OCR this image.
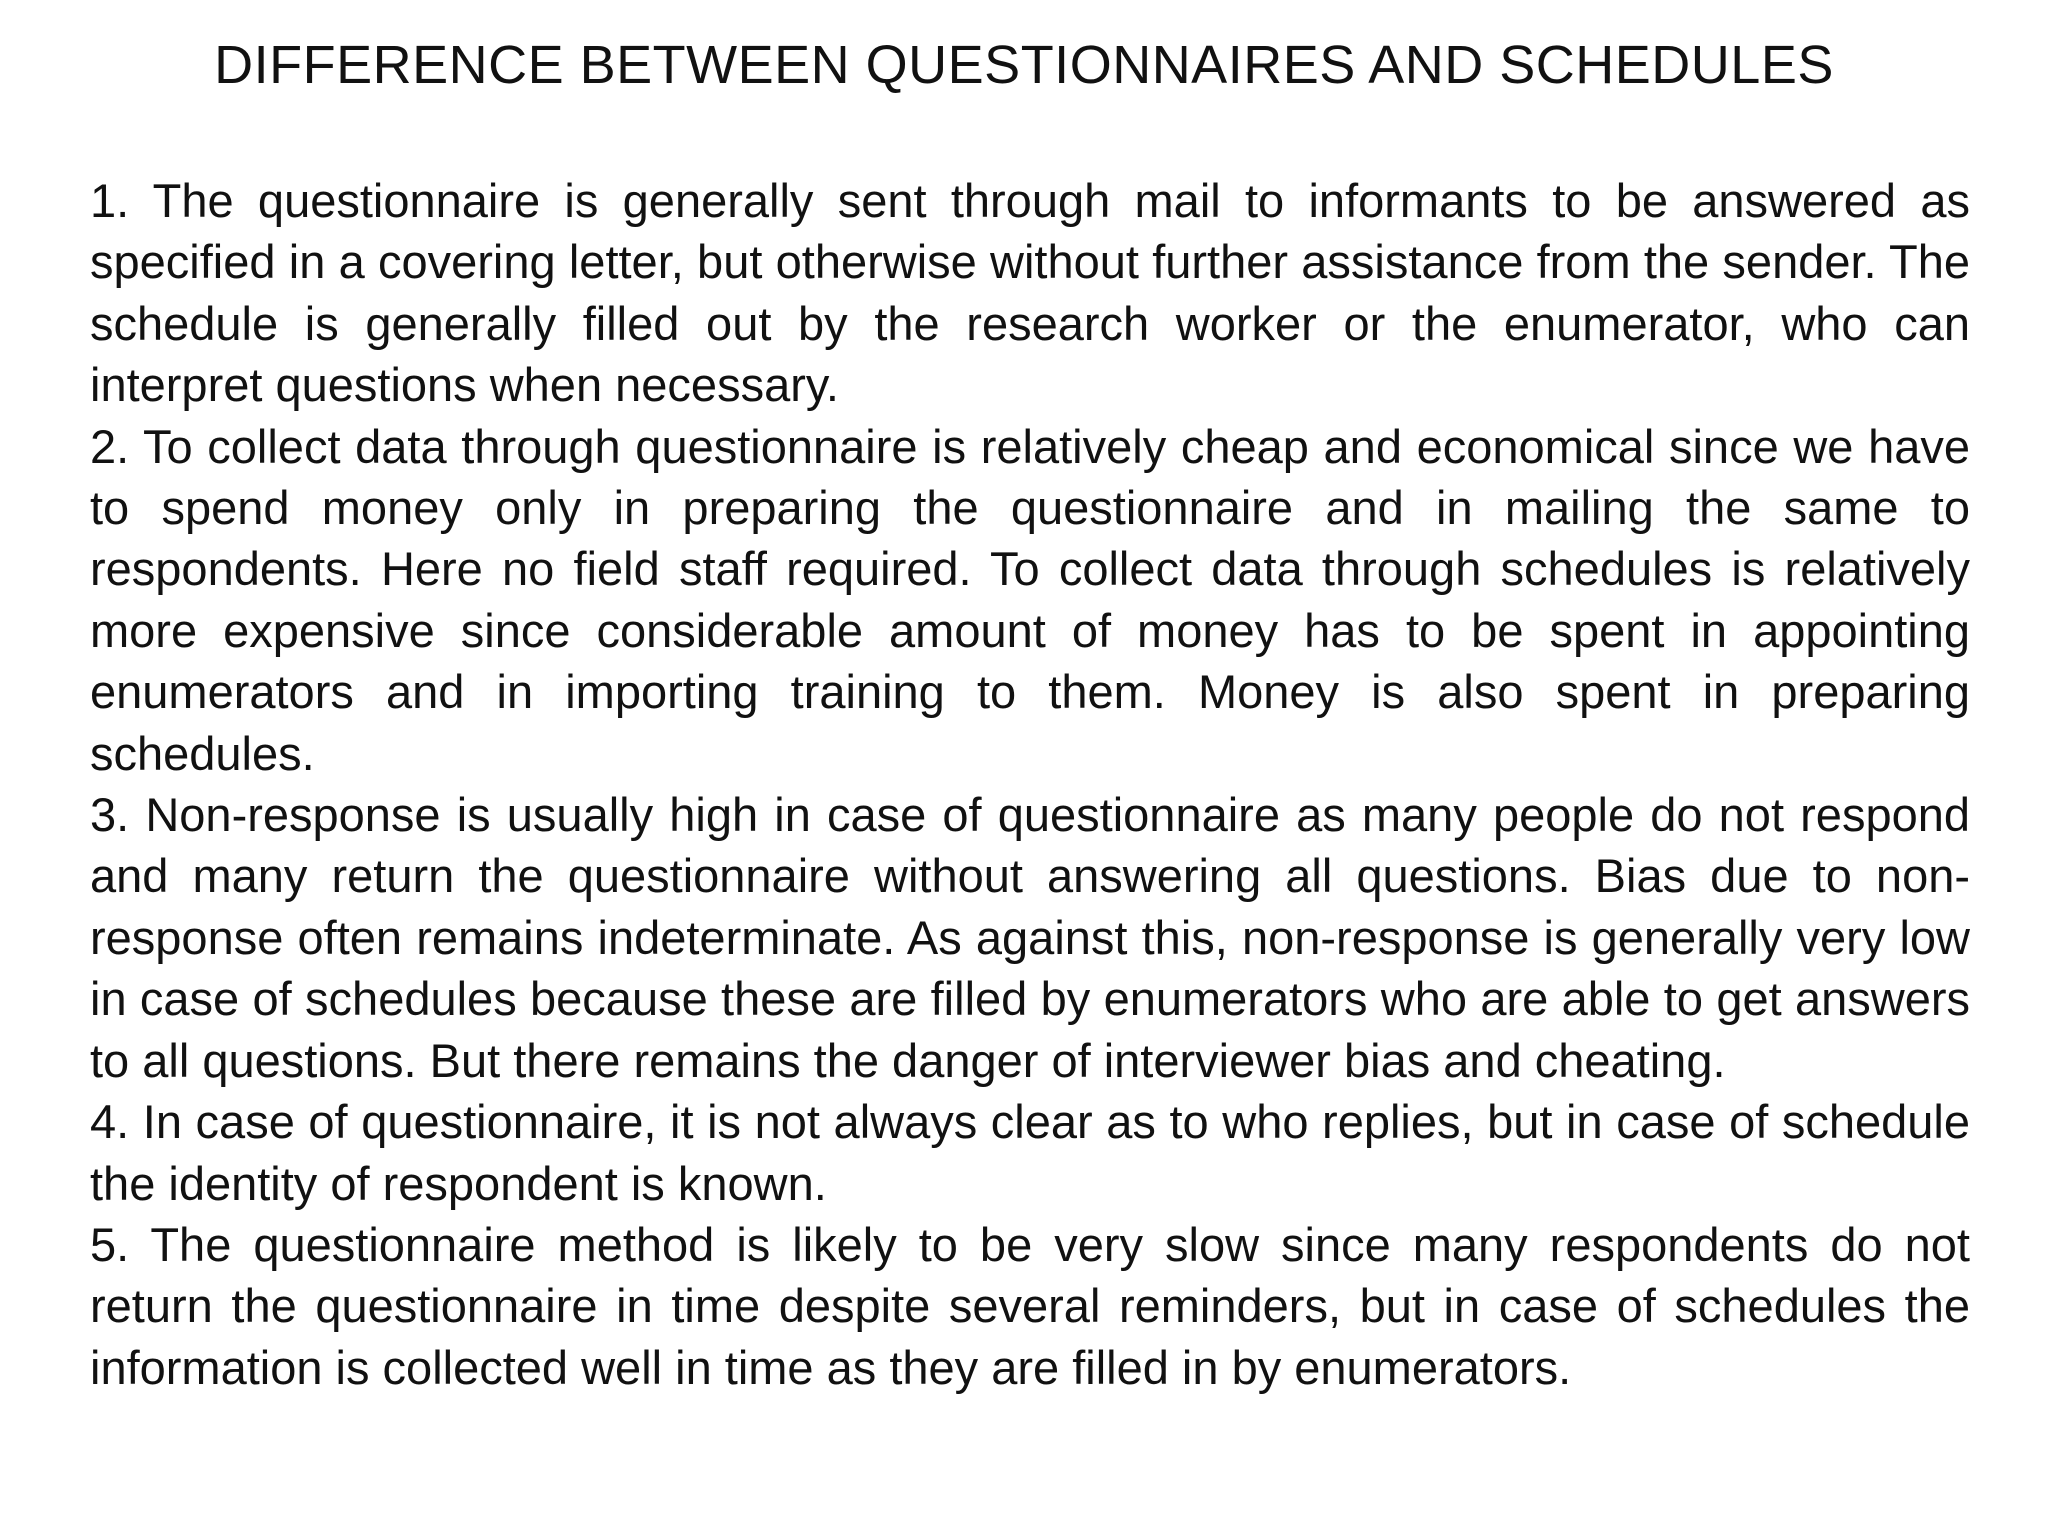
DIFFERENCE BETWEEN QUESTIONNAIRES AND SCHEDULES

1. The questionnaire is generally sent through mail to informants to be answered as specified in a covering letter, but otherwise without further assistance from the sender. The schedule is generally filled out by the research worker or the enumerator, who can interpret questions when necessary.

2. To collect data through questionnaire is relatively cheap and economical since we have to spend money only in preparing the questionnaire and in mailing the same to respondents. Here no field staff required. To collect data through schedules is relatively more expensive since considerable amount of money has to be spent in appointing enumerators and in importing training to them. Money is also spent in preparing schedules.

3. Non-response is usually high in case of questionnaire as many people do not respond and many return the questionnaire without answering all questions. Bias due to non-response often remains indeterminate. As against this, non-response is generally very low in case of schedules because these are filled by enumerators who are able to get answers to all questions. But there remains the danger of interviewer bias and cheating.

4. In case of questionnaire, it is not always clear as to who replies, but in case of schedule the identity of respondent is known.

5. The questionnaire method is likely to be very slow since many respondents do not return the questionnaire in time despite several reminders, but in case of schedules the information is collected well in time as they are filled in by enumerators.
